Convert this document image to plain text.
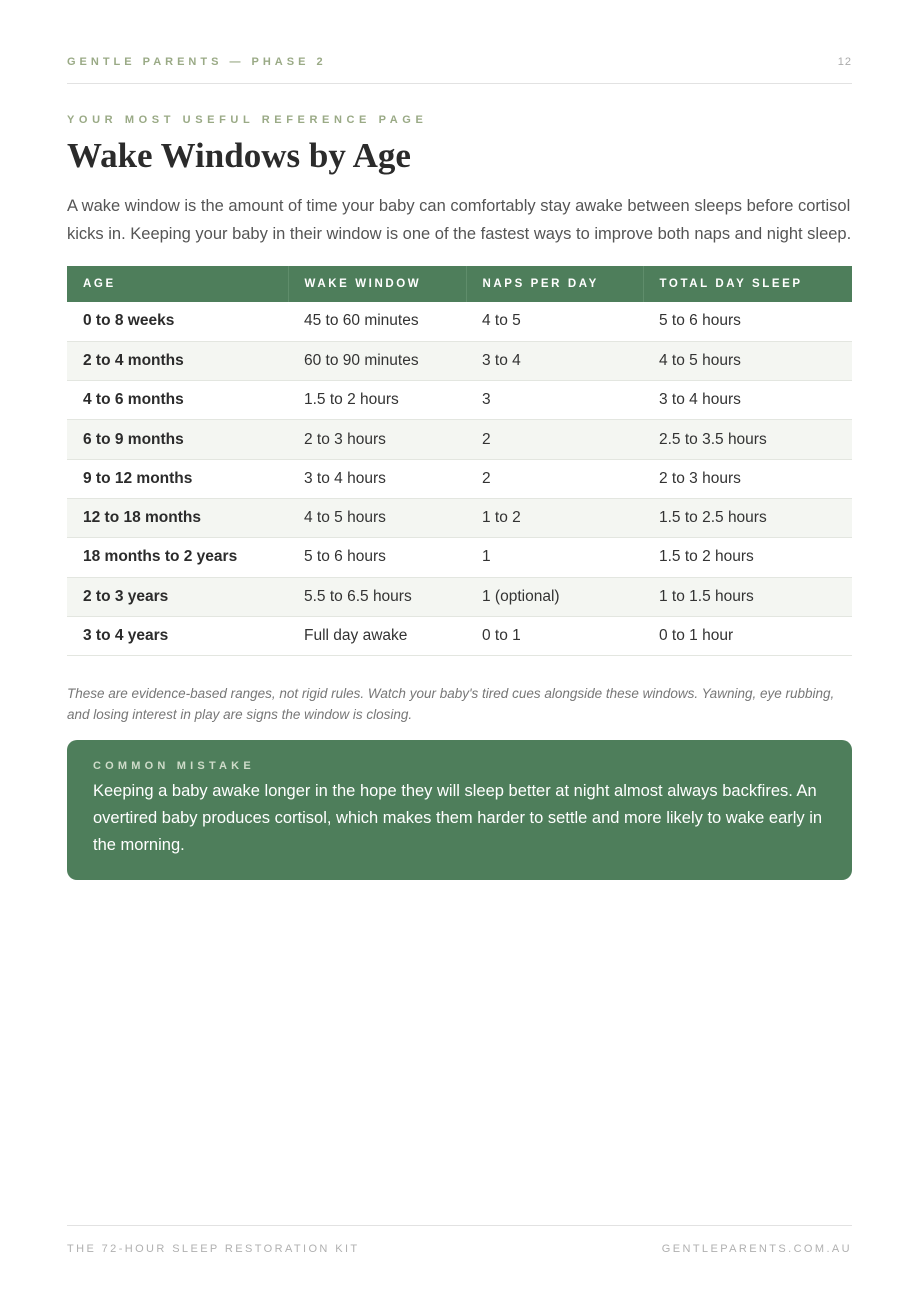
GENTLE PARENTS — PHASE 2	12
YOUR MOST USEFUL REFERENCE PAGE
Wake Windows by Age

A wake window is the amount of time your baby can comfortably stay awake between sleeps before cortisol kicks in. Keeping your baby in their window is one of the fastest ways to improve both naps and night sleep.

AGE	WAKE WINDOW	NAPS PER DAY	TOTAL DAY SLEEP
0 to 8 weeks	45 to 60 minutes	4 to 5	5 to 6 hours
2 to 4 months	60 to 90 minutes	3 to 4	4 to 5 hours
4 to 6 months	1.5 to 2 hours	3	3 to 4 hours
6 to 9 months	2 to 3 hours	2	2.5 to 3.5 hours
9 to 12 months	3 to 4 hours	2	2 to 3 hours
12 to 18 months	4 to 5 hours	1 to 2	1.5 to 2.5 hours
18 months to 2 years	5 to 6 hours	1	1.5 to 2 hours
2 to 3 years	5.5 to 6.5 hours	1 (optional)	1 to 1.5 hours
3 to 4 years	Full day awake	0 to 1	0 to 1 hour

These are evidence-based ranges, not rigid rules. Watch your baby's tired cues alongside these windows. Yawning, eye rubbing, and losing interest in play are signs the window is closing.

COMMON MISTAKE

Keeping a baby awake longer in the hope they will sleep better at night almost always backfires. An overtired baby produces cortisol, which makes them harder to settle and more likely to wake early in the morning.

THE 72-HOUR SLEEP RESTORATION KIT	GENTLEPARENTS.COM.AU
